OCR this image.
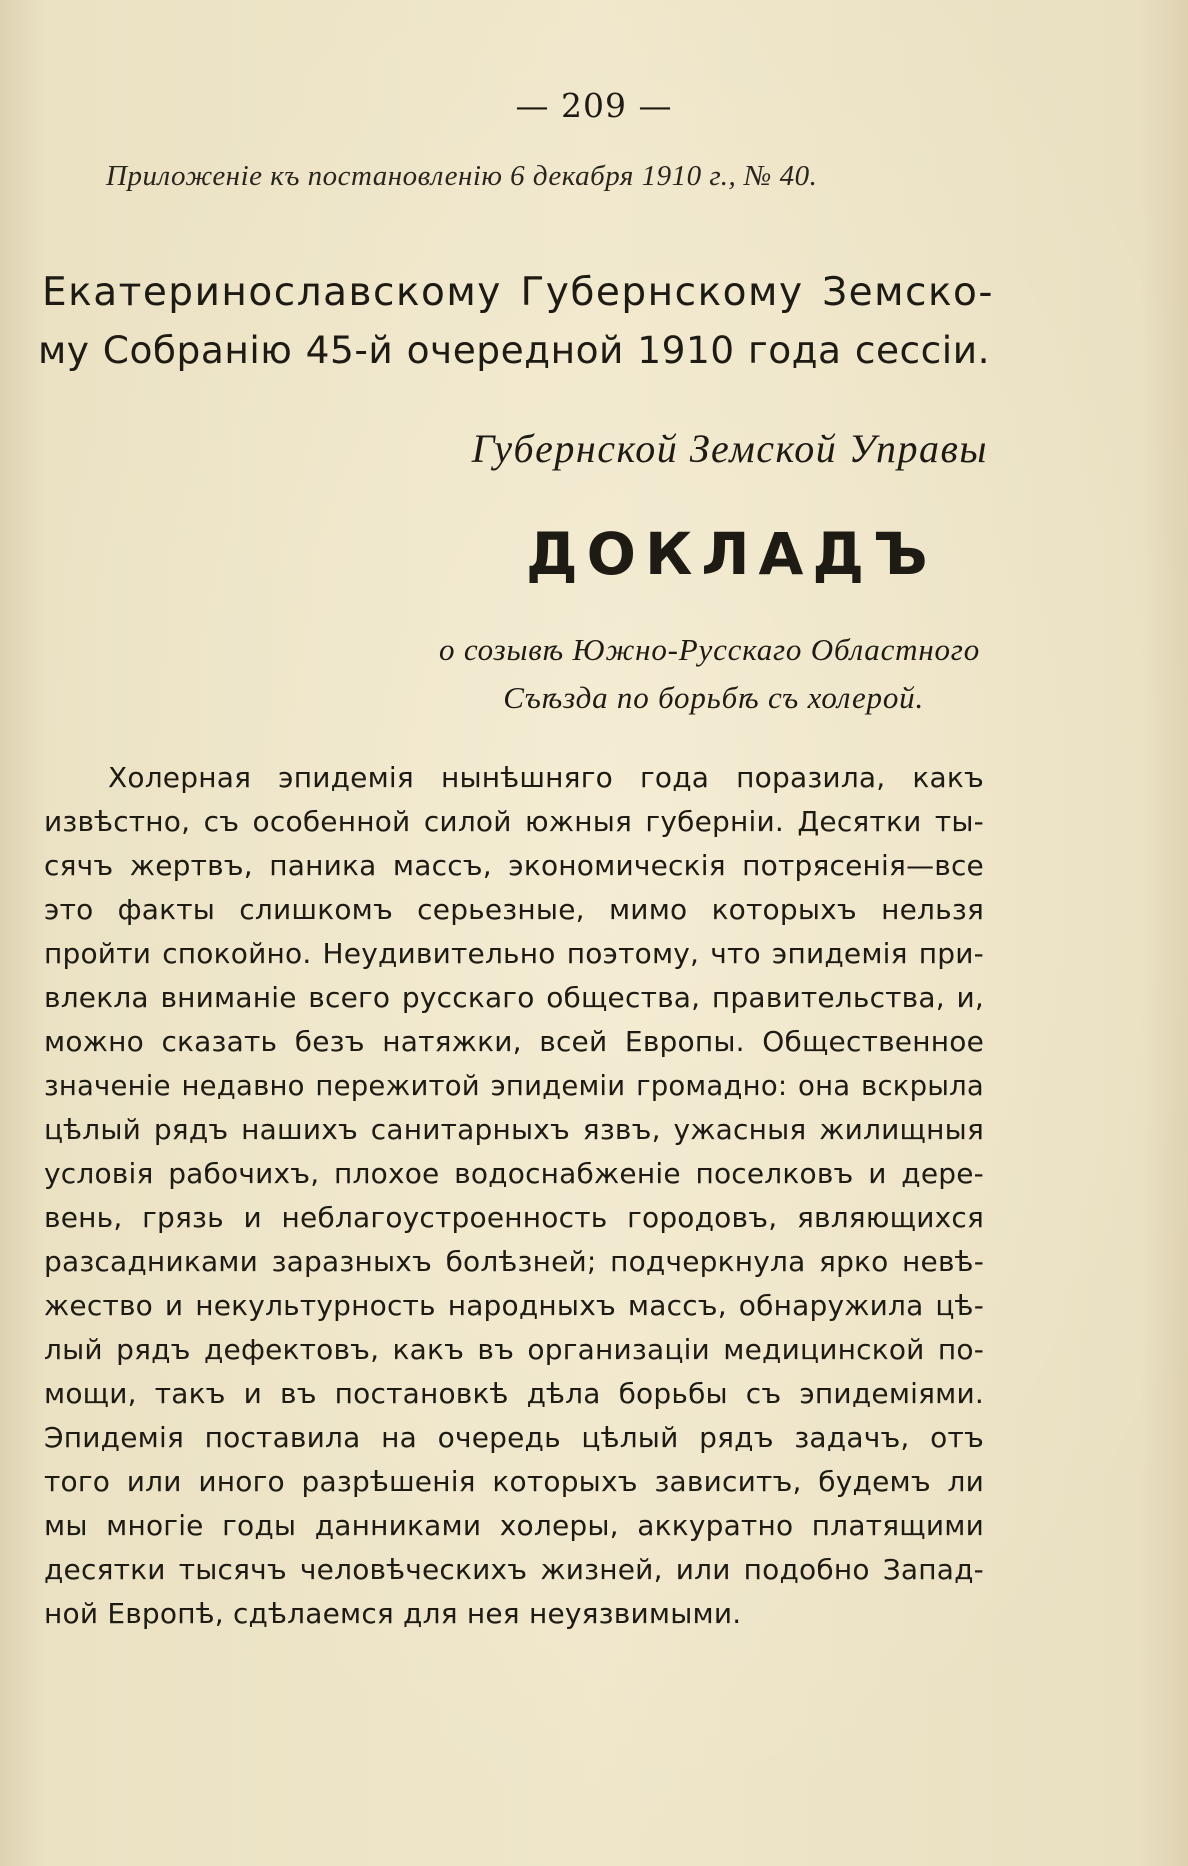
— 209 —
Приложеніе къ постановленію 6 декабря 1910 г., № 40.
Екатеринославскому Губернскому Земско-
му Собранію 45-й очередной 1910 года сессіи.
Губернской Земской Управы
ДОКЛАДЪ
о созывѣ Южно-Русскаго Областного
Съѣзда по борьбѣ съ холерой.
Холерная эпидемія нынѣшняго года поразила, какъ
извѣстно, съ особенной силой южныя губерніи. Десятки ты-
сячъ жертвъ, паника массъ, экономическія потрясенія—все
это факты слишкомъ серьезные, мимо которыхъ нельзя
пройти спокойно. Неудивительно поэтому, что эпидемія при-
влекла вниманіе всего русскаго общества, правительства, и,
можно сказать безъ натяжки, всей Европы. Общественное
значеніе недавно пережитой эпидеміи громадно: она вскрыла
цѣлый рядъ нашихъ санитарныхъ язвъ, ужасныя жилищныя
условія рабочихъ, плохое водоснабженіе поселковъ и дере-
вень, грязь и неблагоустроенность городовъ, являющихся
разсадниками заразныхъ болѣзней; подчеркнула ярко невѣ-
жество и некультурность народныхъ массъ, обнаружила цѣ-
лый рядъ дефектовъ, какъ въ организаціи медицинской по-
мощи, такъ и въ постановкѣ дѣла борьбы съ эпидеміями.
Эпидемія поставила на очередь цѣлый рядъ задачъ, отъ
того или иного разрѣшенія которыхъ зависитъ, будемъ ли
мы многіе годы данниками холеры, аккуратно платящими
десятки тысячъ человѣческихъ жизней, или подобно Запад-
ной Европѣ, сдѣлаемся для нея неуязвимыми.
